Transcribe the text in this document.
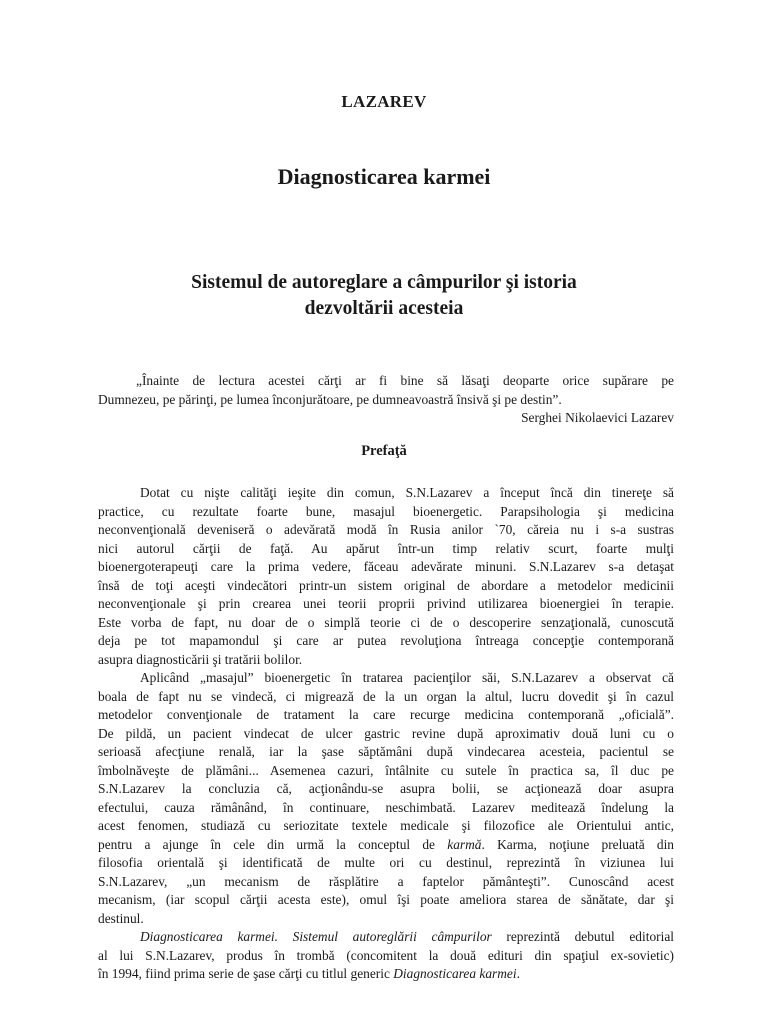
LAZAREV
Diagnosticarea karmei
Sistemul de autoreglare a câmpurilor şi istoria
dezvoltării acesteia
„Înainte de lectura acestei cărţi ar fi bine să lăsaţi deoparte orice supărare pe
Dumnezeu, pe părinţi, pe lumea înconjurătoare, pe dumneavoastră însivă şi pe destin”.
Serghei Nikolaevici Lazarev
Prefaţă
Dotat cu nişte calităţi ieşite din comun, S.N.Lazarev a început încă din tinereţe să
practice, cu rezultate foarte bune, masajul bioenergetic. Parapsihologia şi medicina
neconvenţională deveniseră o adevărată modă în Rusia anilor `70, căreia nu i s-a sustras
nici autorul cărţii de faţă. Au apărut într-un timp relativ scurt, foarte mulţi
bioenergoterapeuţi care la prima vedere, făceau adevărate minuni. S.N.Lazarev s-a detaşat
însă de toţi aceşti vindecători printr-un sistem original de abordare a metodelor medicinii
neconvenţionale şi prin crearea unei teorii proprii privind utilizarea bioenergiei în terapie.
Este vorba de fapt, nu doar de o simplă teorie ci de o descoperire senzaţională, cunoscută
deja pe tot mapamondul şi care ar putea revoluţiona întreaga concepţie contemporană
asupra diagnosticării şi tratării bolilor.
Aplicând „masajul” bioenergetic în tratarea pacienţilor săi, S.N.Lazarev a observat că
boala de fapt nu se vindecă, ci migrează de la un organ la altul, lucru dovedit şi în cazul
metodelor convenţionale de tratament la care recurge medicina contemporană „oficială”.
De pildă, un pacient vindecat de ulcer gastric revine după aproximativ două luni cu o
serioasă afecţiune renală, iar la şase săptămâni după vindecarea acesteia, pacientul se
îmbolnăveşte de plămâni... Asemenea cazuri, întâlnite cu sutele în practica sa, îl duc pe
S.N.Lazarev la concluzia că, acţionându-se asupra bolii, se acţionează doar asupra
efectului, cauza rămânând, în continuare, neschimbată. Lazarev meditează îndelung la
acest fenomen, studiază cu seriozitate textele medicale şi filozofice ale Orientului antic,
pentru a ajunge în cele din urmă la conceptul de karmă. Karma, noţiune preluată din
filosofia orientală şi identificată de multe ori cu destinul, reprezintă în viziunea lui
S.N.Lazarev, „un mecanism de răsplătire a faptelor pământeşti”. Cunoscând acest
mecanism, (iar scopul cărţii acesta este), omul îşi poate ameliora starea de sănătate, dar şi
destinul.
Diagnosticarea karmei. Sistemul autoreglării câmpurilor reprezintă debutul editorial
al lui S.N.Lazarev, produs în trombă (concomitent la două edituri din spaţiul ex-sovietic)
în 1994, fiind prima serie de şase cărţi cu titlul generic Diagnosticarea karmei.
